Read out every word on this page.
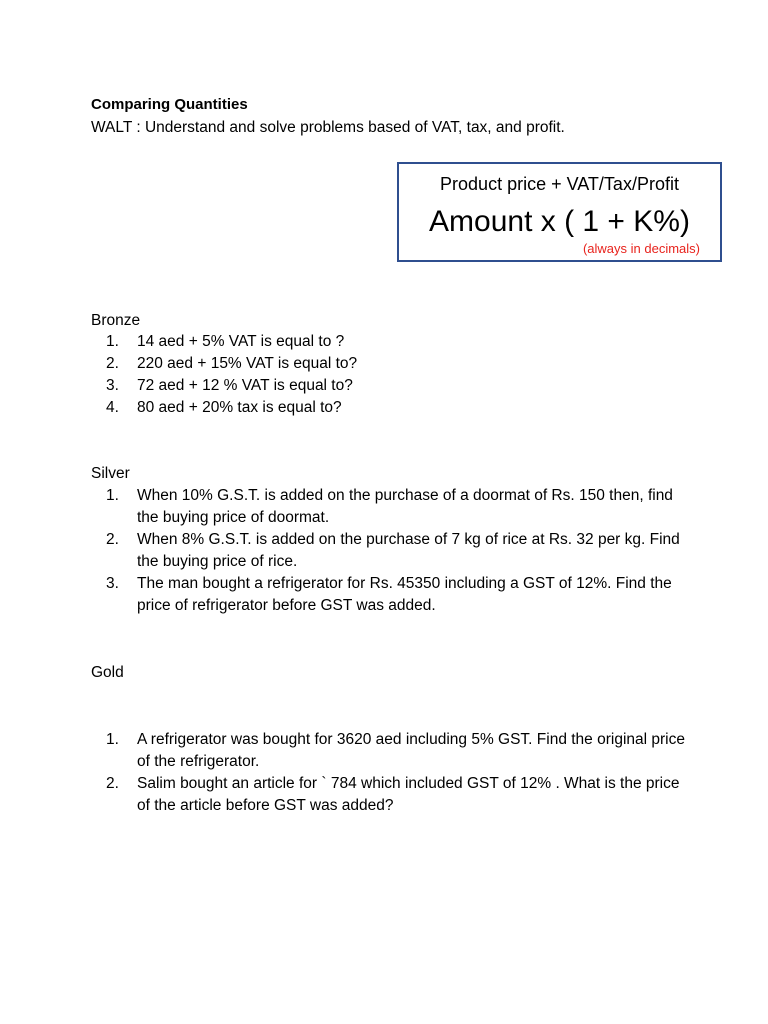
Comparing Quantities
WALT : Understand and solve problems based of VAT, tax, and profit.
Product price + VAT/Tax/Profit
Amount x ( 1 + K%)
(always in decimals)
Bronze
1. 14 aed + 5% VAT is equal to ?
2. 220 aed + 15% VAT is equal to?
3. 72 aed + 12 % VAT is equal to?
4. 80 aed + 20% tax is equal to?
Silver
1. When 10% G.S.T. is added on the purchase of a doormat of Rs. 150 then, find the buying price of doormat.
2. When 8% G.S.T. is added on the purchase of 7 kg of rice at Rs. 32 per kg. Find the buying price of rice.
3. The man bought a refrigerator for Rs. 45350 including a GST of 12%. Find the price of refrigerator before GST was added.
Gold
1. A refrigerator was bought for 3620 aed including 5% GST. Find the original price of the refrigerator.
2. Salim bought an article for ` 784 which included GST of 12% . What is the price of the article before GST was added?
